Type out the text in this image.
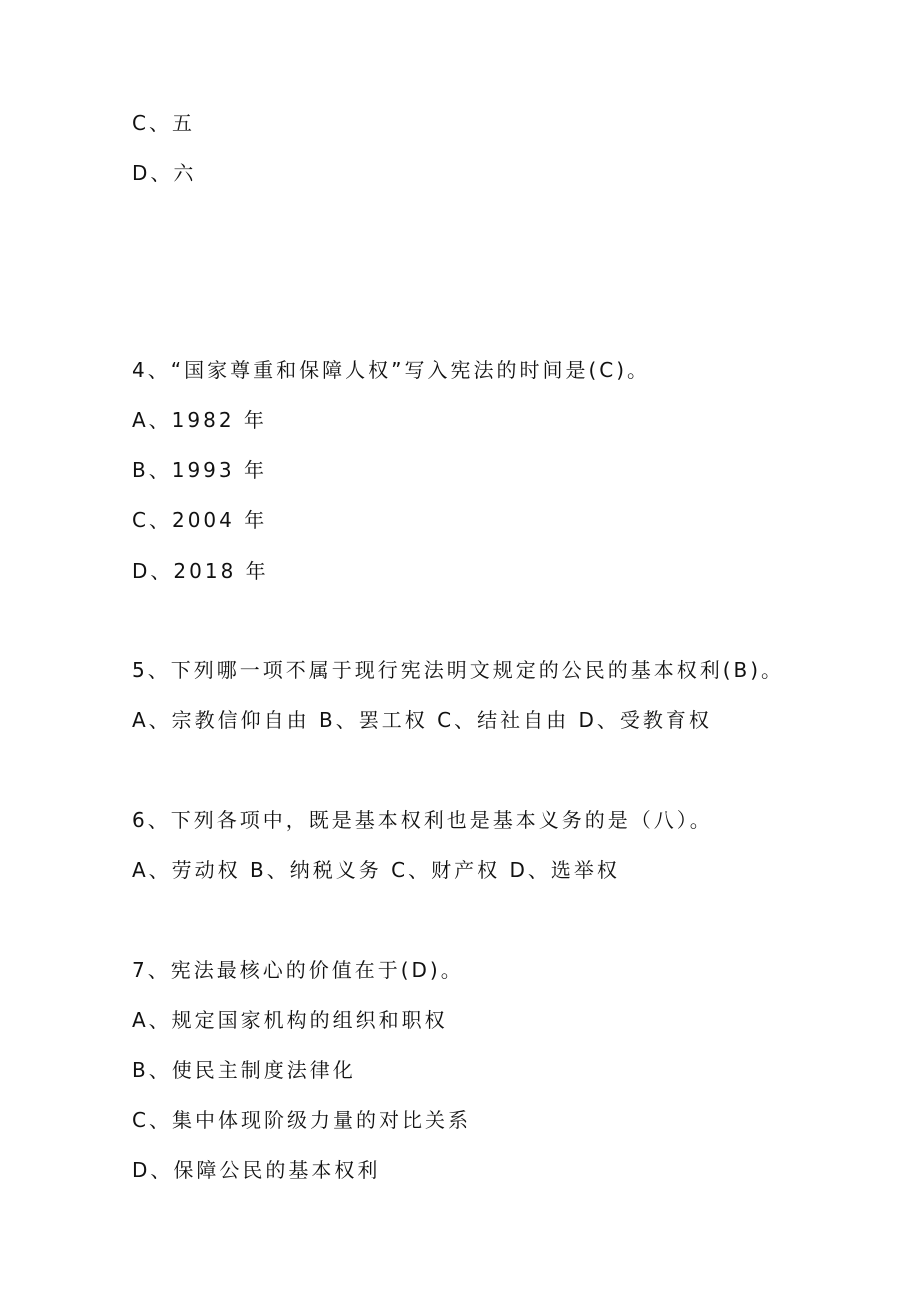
C、五
D、六
4、“国家尊重和保障人权”写入宪法的时间是(C)。
A、1982 年
B、1993 年
C、2004 年
D、2018 年
5、下列哪一项不属于现行宪法明文规定的公民的基本权利(B)。
A、宗教信仰自由 B、罢工权 C、结社自由 D、受教育权
6、下列各项中，既是基本权利也是基本义务的是（八）。
A、劳动权 B、纳税义务 C、财产权 D、选举权
7、宪法最核心的价值在于(D)。
A、规定国家机构的组织和职权
B、使民主制度法律化
C、集中体现阶级力量的对比关系
D、保障公民的基本权利
